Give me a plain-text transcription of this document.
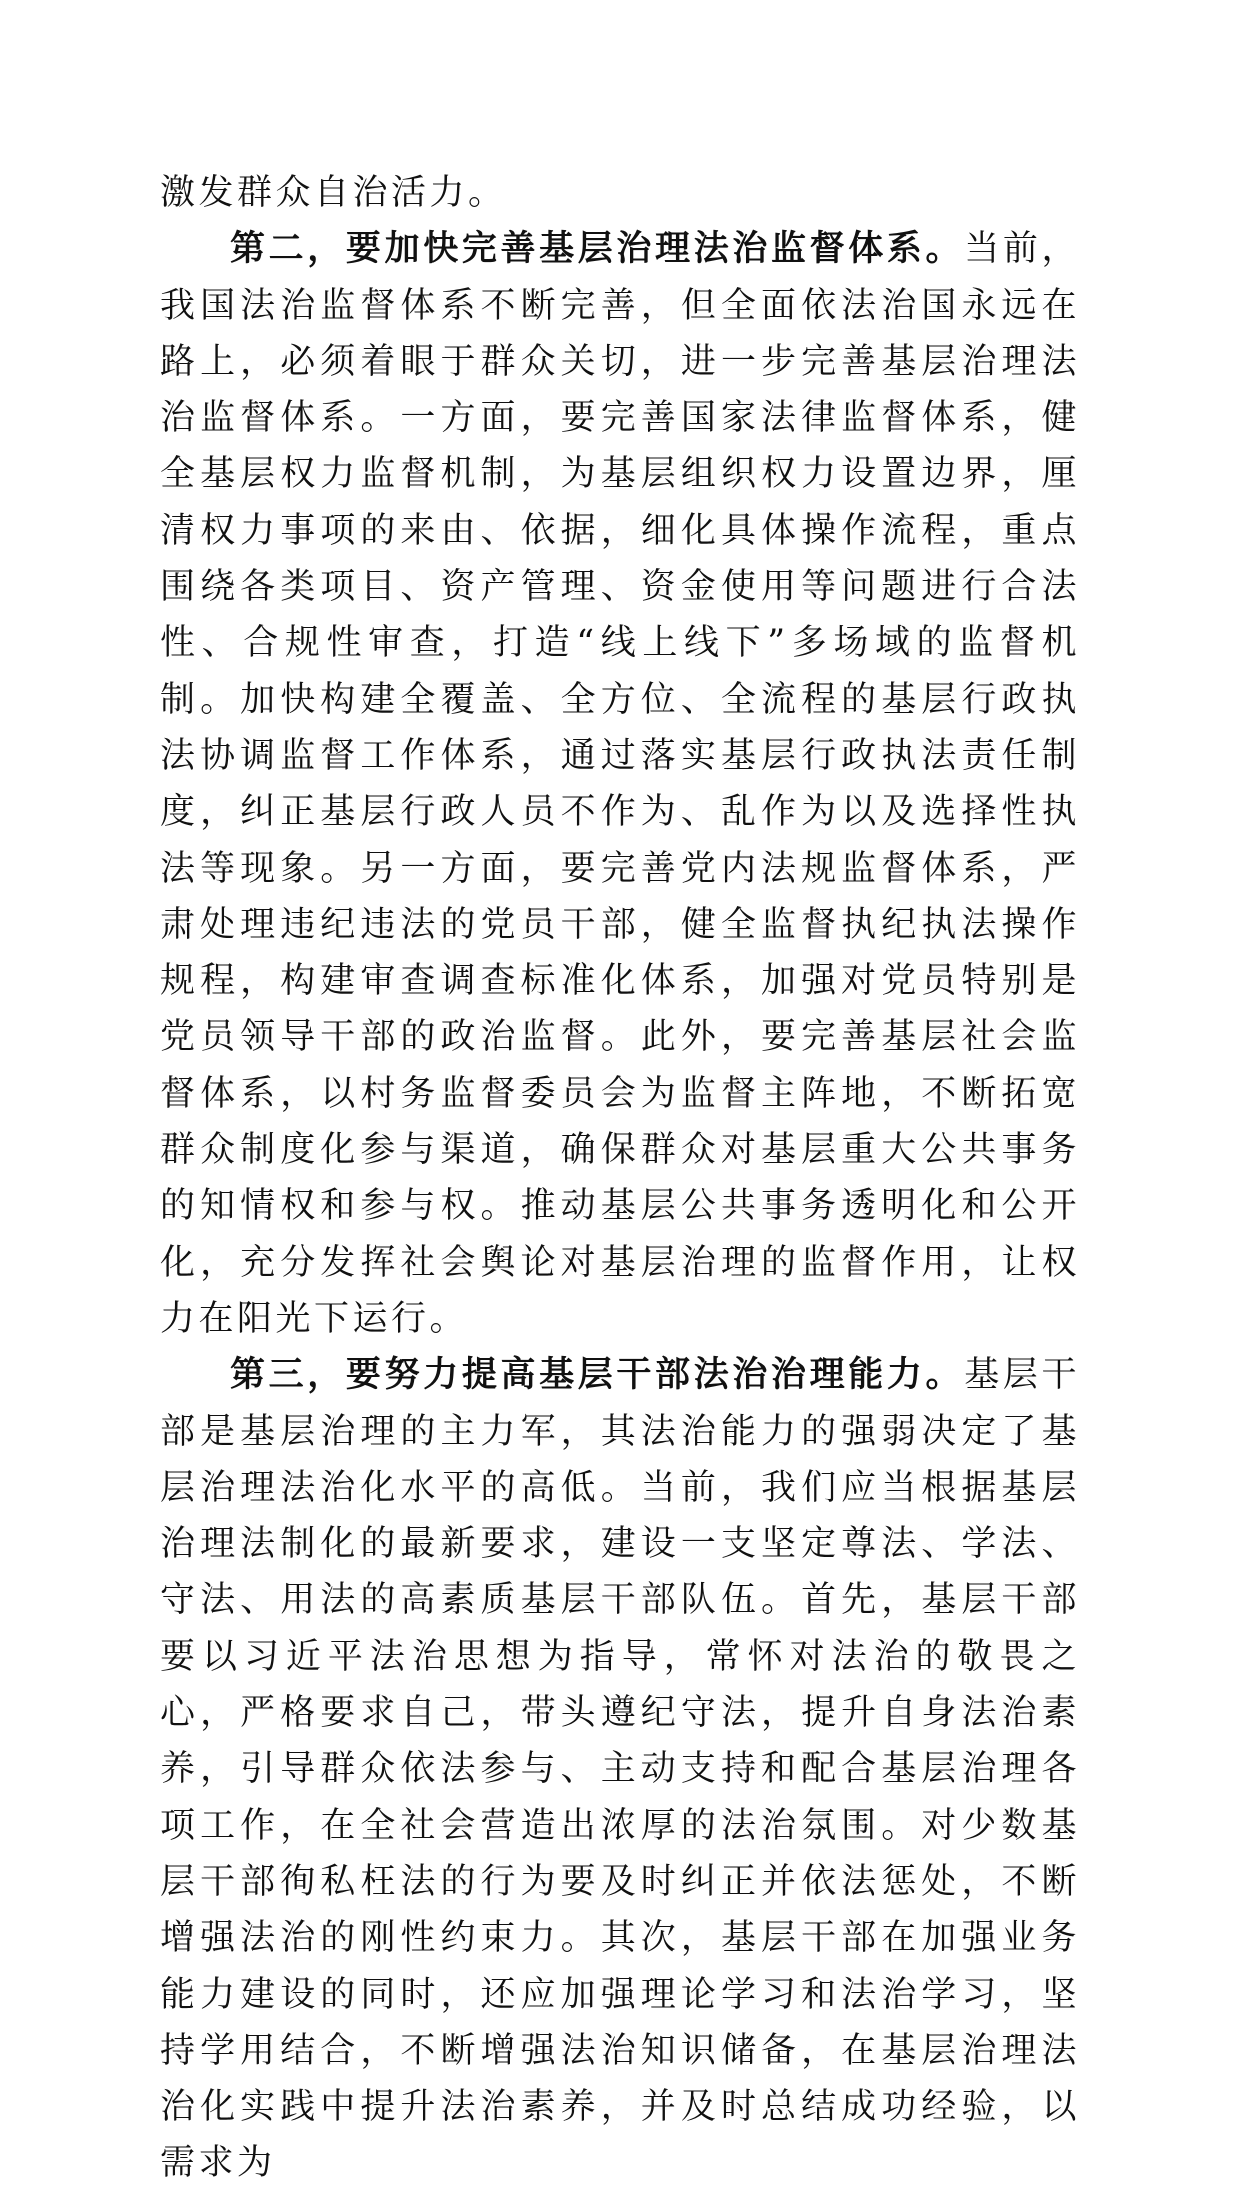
激发群众自治活力。

第二，要加快完善基层治理法治监督体系。当前，我国法治监督体系不断完善，但全面依法治国永远在路上，必须着眼于群众关切，进一步完善基层治理法治监督体系。一方面，要完善国家法律监督体系，健全基层权力监督机制，为基层组织权力设置边界，厘清权力事项的来由、依据，细化具体操作流程，重点围绕各类项目、资产管理、资金使用等问题进行合法性、合规性审查，打造“线上线下”多场域的监督机制。加快构建全覆盖、全方位、全流程的基层行政执法协调监督工作体系，通过落实基层行政执法责任制度，纠正基层行政人员不作为、乱作为以及选择性执法等现象。另一方面，要完善党内法规监督体系，严肃处理违纪违法的党员干部，健全监督执纪执法操作规程，构建审查调查标准化体系，加强对党员特别是党员领导干部的政治监督。此外，要完善基层社会监督体系，以村务监督委员会为监督主阵地，不断拓宽群众制度化参与渠道，确保群众对基层重大公共事务的知情权和参与权。推动基层公共事务透明化和公开化，充分发挥社会舆论对基层治理的监督作用，让权力在阳光下运行。

第三，要努力提高基层干部法治治理能力。基层干部是基层治理的主力军，其法治能力的强弱决定了基层治理法治化水平的高低。当前，我们应当根据基层治理法制化的最新要求，建设一支坚定尊法、学法、守法、用法的高素质基层干部队伍。首先，基层干部要以习近平法治思想为指导，常怀对法治的敬畏之心，严格要求自己，带头遵纪守法，提升自身法治素养，引导群众依法参与、主动支持和配合基层治理各项工作，在全社会营造出浓厚的法治氛围。对少数基层干部徇私枉法的行为要及时纠正并依法惩处，不断增强法治的刚性约束力。其次，基层干部在加强业务能力建设的同时，还应加强理论学习和法治学习，坚持学用结合，不断增强法治知识储备，在基层治理法治化实践中提升法治素养，并及时总结成功经验，以需求为
